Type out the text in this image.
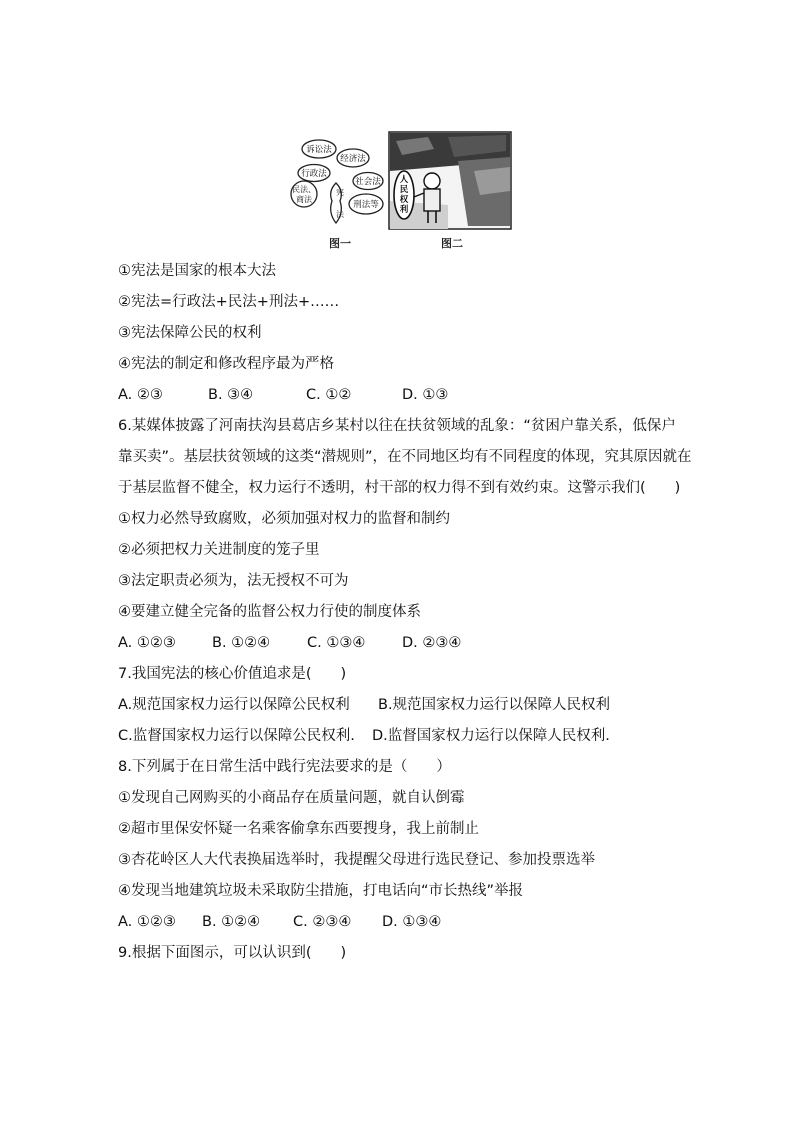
诉讼法
经济法
行政法
民法、
商法
社会法
刑法等
宪
法
人
民
权
利
图一	图二
①宪法是国家的根本大法
②宪法=行政法+民法+刑法+……
③宪法保障公民的权利
④宪法的制定和修改程序最为严格
A. ②③	B. ③④	C. ①②	D. ①③
6.某媒体披露了河南扶沟县葛店乡某村以往在扶贫领域的乱象：“贫困户靠关系，低保户
靠买卖”。基层扶贫领域的这类“潜规则”，在不同地区均有不同程度的体现，究其原因就在
于基层监督不健全，权力运行不透明，村干部的权力得不到有效约束。这警示我们(　　)
①权力必然导致腐败，必须加强对权力的监督和制约
②必须把权力关进制度的笼子里
③法定职责必须为，法无授权不可为
④要建立健全完备的监督公权力行使的制度体系
A. ①②③ B. ①②④	C. ①③④	D. ②③④
7.我国宪法的核心价值追求是(　　)
A.规范国家权力运行以保障公民权利 B.规范国家权力运行以保障人民权利
C.监督国家权力运行以保障公民权利. D.监督国家权力运行以保障人民权利.
8.下列属于在日常生活中践行宪法要求的是（　　）
①发现自己网购买的小商品存在质量问题，就自认倒霉
②超市里保安怀疑一名乘客偷拿东西要搜身，我上前制止
③杏花岭区人大代表换届选举时，我提醒父母进行选民登记、参加投票选举
④发现当地建筑垃圾未采取防尘措施，打电话向“市长热线”举报
A. ①②③ B. ①②④ C. ②③④ D. ①③④
9.根据下面图示，可以认识到(　　)
